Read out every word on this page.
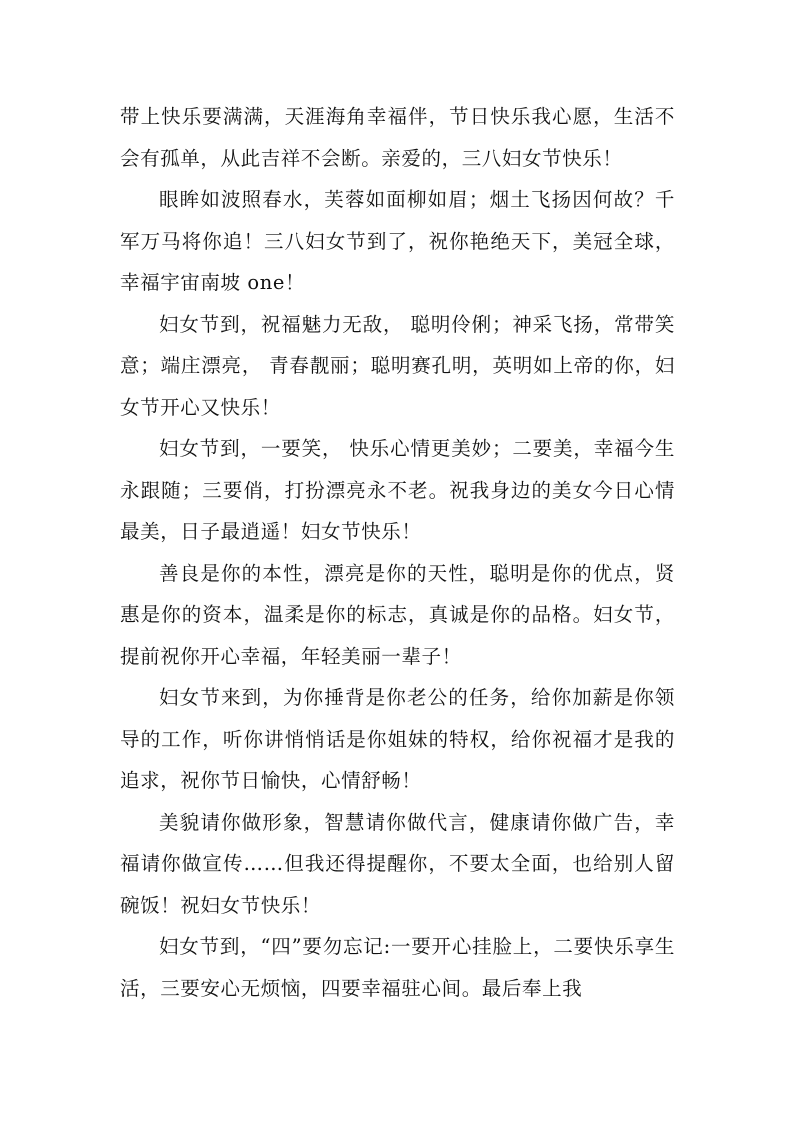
带上快乐要满满，天涯海角幸福伴，节日快乐我心愿，生活不会有孤单，从此吉祥不会断。亲爱的，三八妇女节快乐！

眼眸如波照春水，芙蓉如面柳如眉；烟土飞扬因何故？千军万马将你追！三八妇女节到了，祝你艳绝天下，美冠全球，幸福宇宙南坡 one！

妇女节到，祝福魅力无敌， 聪明伶俐；神采飞扬，常带笑意；端庄漂亮， 青春靓丽；聪明赛孔明，英明如上帝的你，妇女节开心又快乐！

妇女节到，一要笑， 快乐心情更美妙；二要美，幸福今生永跟随；三要俏，打扮漂亮永不老。祝我身边的美女今日心情最美，日子最逍遥！妇女节快乐！

善良是你的本性，漂亮是你的天性，聪明是你的优点，贤惠是你的资本，温柔是你的标志，真诚是你的品格。妇女节，提前祝你开心幸福，年轻美丽一辈子！

妇女节来到，为你捶背是你老公的任务，给你加薪是你领导的工作，听你讲悄悄话是你姐妹的特权，给你祝福才是我的追求，祝你节日愉快，心情舒畅！

美貌请你做形象，智慧请你做代言，健康请你做广告，幸福请你做宣传……但我还得提醒你，不要太全面，也给别人留碗饭！祝妇女节快乐！

妇女节到，“四”要勿忘记:一要开心挂脸上，二要快乐享生活，三要安心无烦恼，四要幸福驻心间。最后奉上我
